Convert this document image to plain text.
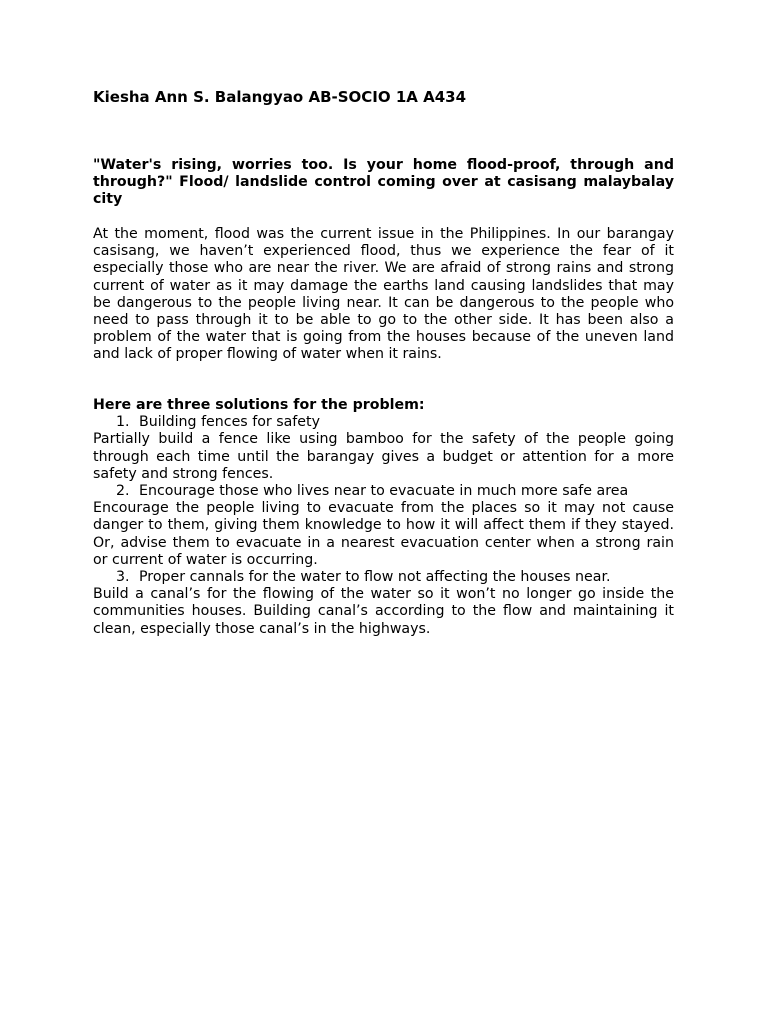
Kiesha Ann S. Balangyao AB-SOCIO 1A A434

"Water's rising, worries too. Is your home flood-proof, through and through?" Flood/ landslide control coming over at casisang malaybalay city

At the moment, flood was the current issue in the Philippines. In our barangay casisang, we haven’t experienced flood, thus we experience the fear of it especially those who are near the river. We are afraid of strong rains and strong current of water as it may damage the earths land causing landslides that may be dangerous to the people living near. It can be dangerous to the people who need to pass through it to be able to go to the other side. It has been also a problem of the water that is going from the houses because of the uneven land and lack of proper flowing of water when it rains.

Here are three solutions for the problem:
1. Building fences for safety

Partially build a fence like using bamboo for the safety of the people going through each time until the barangay gives a budget or attention for a more safety and strong fences.

2. Encourage those who lives near to evacuate in much more safe area

Encourage the people living to evacuate from the places so it may not cause danger to them, giving them knowledge to how it will affect them if they stayed. Or, advise them to evacuate in a nearest evacuation center when a strong rain or current of water is occurring.

3. Proper cannals for the water to flow not affecting the houses near.

Build a canal’s for the flowing of the water so it won’t no longer go inside the communities houses. Building canal’s according to the flow and maintaining it clean, especially those canal’s in the highways.
